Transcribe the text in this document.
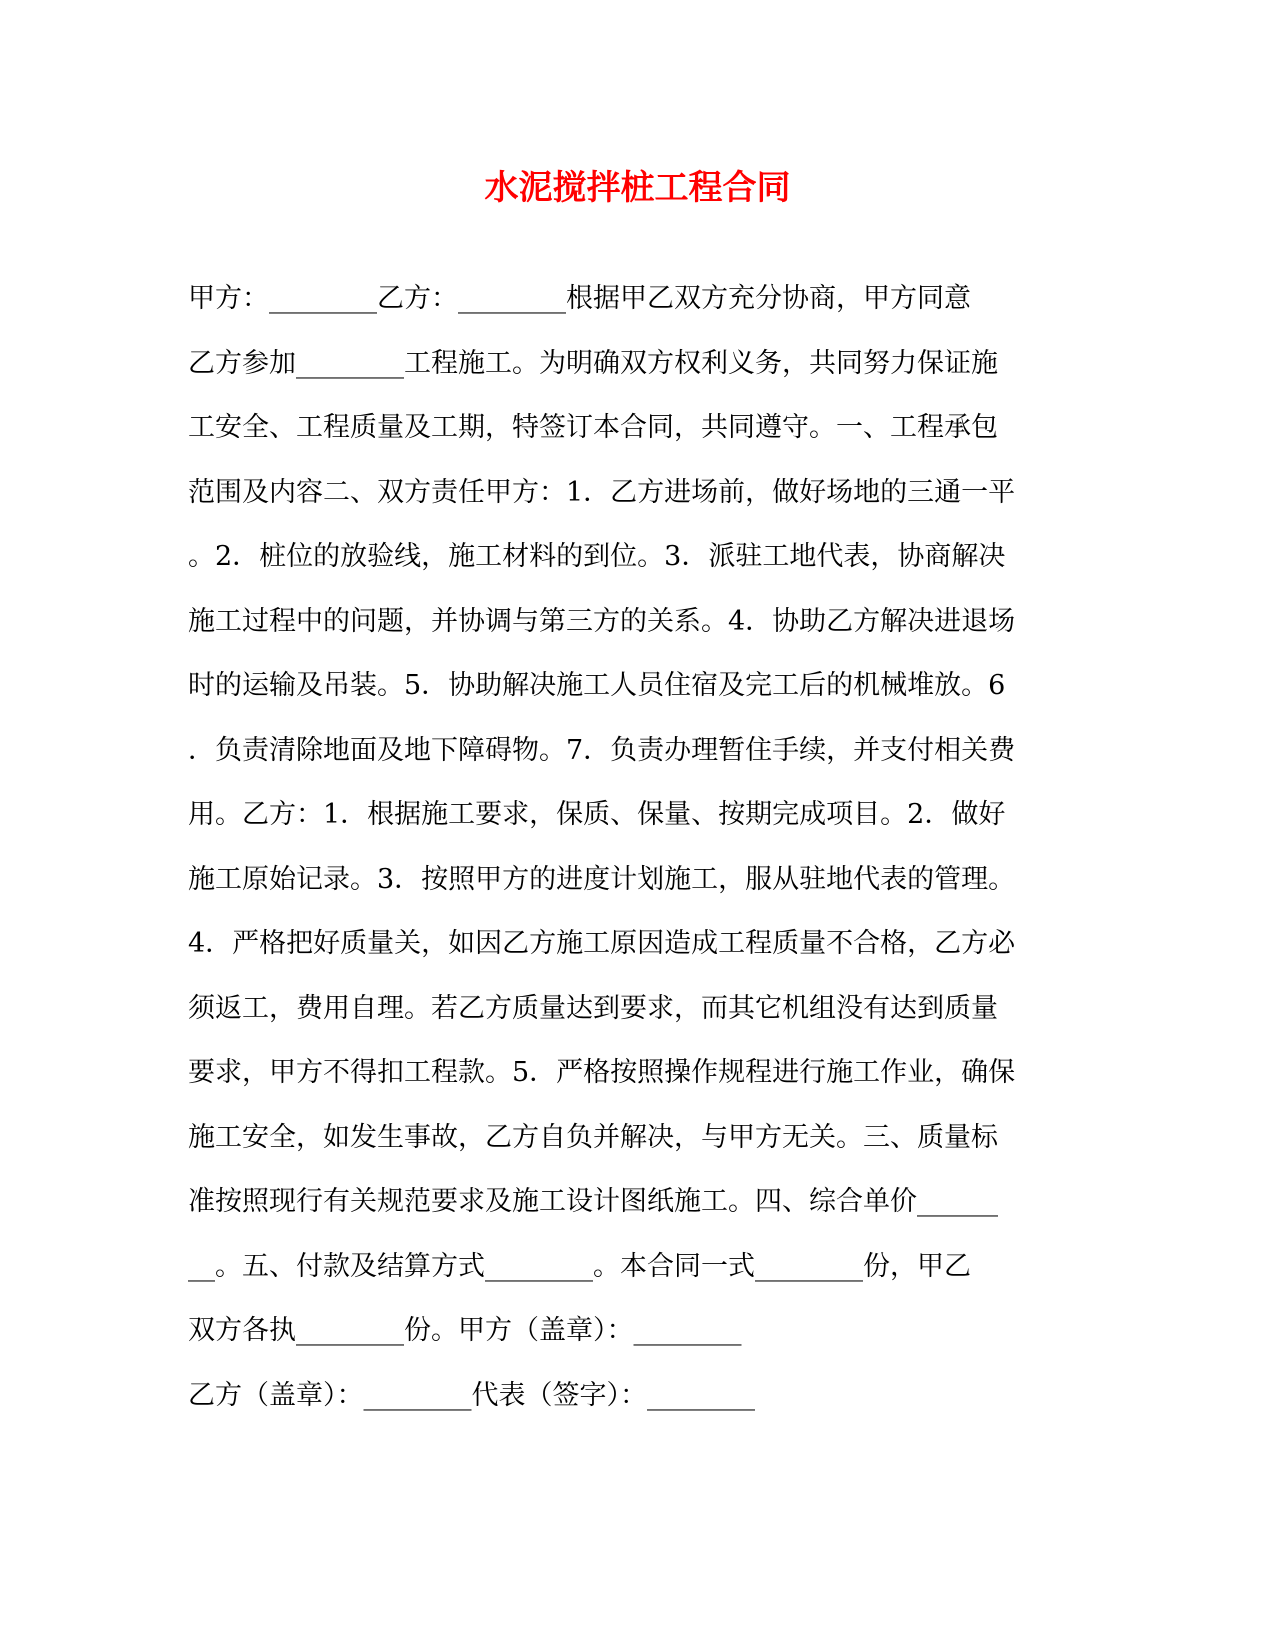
水泥搅拌桩工程合同

甲方：________乙方：________根据甲乙双方充分协商，甲方同意

乙方参加________工程施工。为明确双方权利义务，共同努力保证施

工安全、工程质量及工期，特签订本合同，共同遵守。一、工程承包

范围及内容二、双方责任甲方：1．乙方进场前，做好场地的三通一平

。2．桩位的放验线，施工材料的到位。3．派驻工地代表，协商解决

施工过程中的问题，并协调与第三方的关系。4．协助乙方解决进退场

时的运输及吊装。5．协助解决施工人员住宿及完工后的机械堆放。6

．负责清除地面及地下障碍物。7．负责办理暂住手续，并支付相关费

用。乙方：1．根据施工要求，保质、保量、按期完成项目。2．做好

施工原始记录。3．按照甲方的进度计划施工，服从驻地代表的管理。

4．严格把好质量关，如因乙方施工原因造成工程质量不合格，乙方必

须返工，费用自理。若乙方质量达到要求，而其它机组没有达到质量

要求，甲方不得扣工程款。5．严格按照操作规程进行施工作业，确保

施工安全，如发生事故，乙方自负并解决，与甲方无关。三、质量标

准按照现行有关规范要求及施工设计图纸施工。四、综合单价______

__。五、付款及结算方式________。本合同一式________份，甲乙

双方各执________份。甲方（盖章）：________

乙方（盖章）：________代表（签字）：________
